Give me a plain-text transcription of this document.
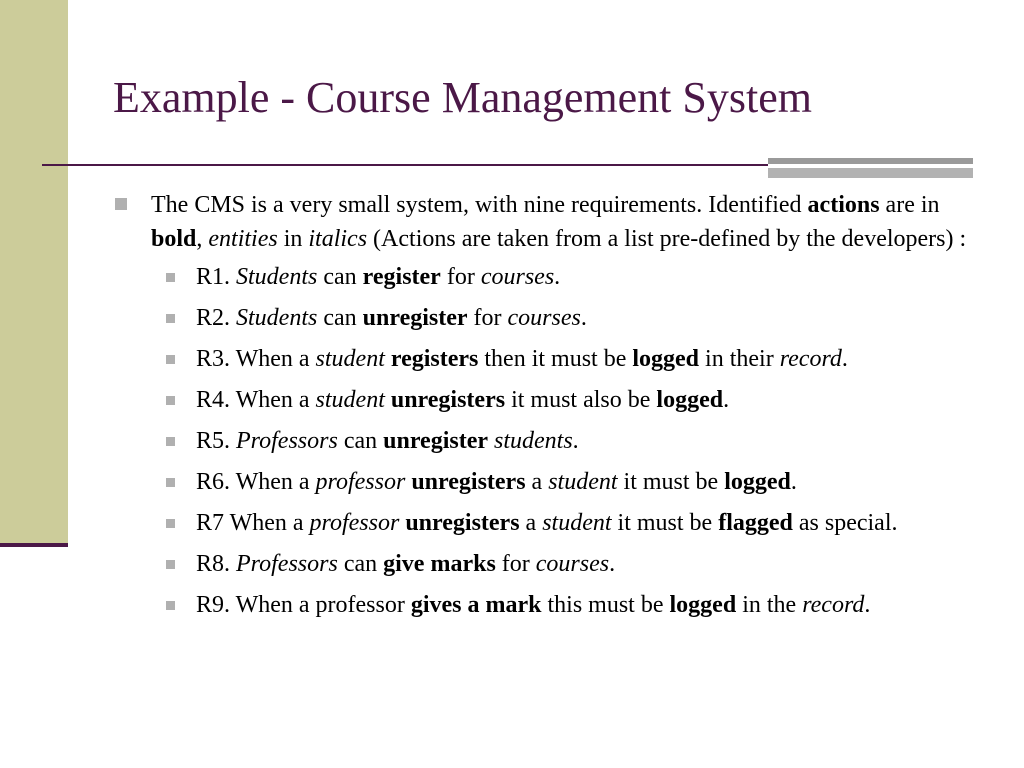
Example - Course Management System
The CMS is a very small system, with nine requirements. Identified actions are in bold, entities in italics (Actions are taken from a list pre-defined by the developers) :
R1. Students can register for courses.
R2. Students can unregister for courses.
R3. When a student registers then it must be logged in their record.
R4. When a student unregisters it must also be logged.
R5. Professors can unregister students.
R6. When a professor unregisters a student it must be logged.
R7 When a professor unregisters a student it must be flagged as special.
R8. Professors can give marks for courses.
R9. When a professor gives a mark this must be logged in the record.
